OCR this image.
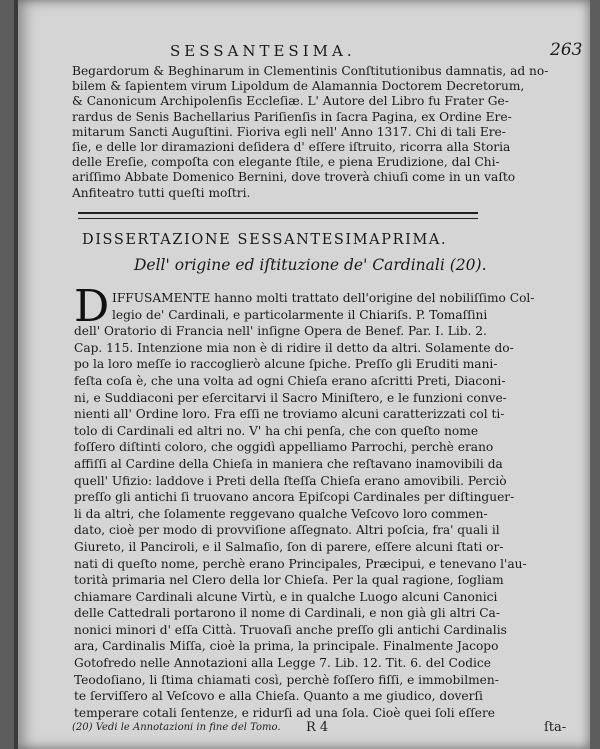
SESSANTESIMA.	263
Begardorum & Beghinarum in Clementinis Conſtitutionibus damnatis, ad no-
bilem & ſapientem virum Lipoldum de Alamannia Doctorem Decretorum,
& Canonicum Archipolenſis Eccleſiæ. L' Autore del Libro fu Frater Ge-
rardus de Senis Bachellarius Pariſienſis in ſacra Pagina, ex Ordine Ere-
mitarum Sancti Auguſtini. Fioriva egli nell' Anno 1317. Chi di tali Ere-
ſie, e delle lor diramazioni deſidera d' eſſere iſtruito, ricorra alla Storia
delle Ereſie, compoſta con elegante ſtile, e piena Erudizione, dal Chi-
ariſſimo Abbate Domenico Bernini, dove troverà chiuſi come in un vaſto
Anfiteatro tutti queſti moſtri.
DISSERTAZIONE SESSANTESIMAPRIMA.
Dell' origine ed iſtituzione de' Cardinali (20).
D IFFUSAMENTE hanno molti trattato dell'origine del nobiliſſimo Col-
legio de' Cardinali, e particolarmente il Chiariſs. P. Tomaſſini
dell' Oratorio di Francia nell' inſigne Opera de Benef. Par. I. Lib. 2.
Cap. 115. Intenzione mia non è di ridire il detto da altri. Solamente do-
po la loro meſſe io raccoglierò alcune ſpiche. Preſſo gli Eruditi mani-
feſta coſa è, che una volta ad ogni Chieſa erano aſcritti Preti, Diaconi-
ni, e Suddiaconi per eſercitarvi il Sacro Miniſtero, e le funzioni conve-
nienti all' Ordine loro. Fra eſſi ne troviamo alcuni caratterizzati col ti-
tolo di Cardinali ed altri no. V' ha chi penſa, che con queſto nome
foſſero diſtinti coloro, che oggidì appelliamo Parrochi, perchè erano
affiſſi al Cardine della Chieſa in maniera che reſtavano inamovibili da
quell' Ufizio: laddove i Preti della ſteſſa Chieſa erano amovibili. Perciò
preſſo gli antichi ſi truovano ancora Epiſcopi Cardinales per diſtinguer-
li da altri, che ſolamente reggevano qualche Veſcovo loro commen-
dato, cioè per modo di provviſione aſſegnato. Altri poſcia, fra' quali il
Giureto, il Panciroli, e il Salmaſio, ſon di parere, eſſere alcuni ſtati or-
nati di queſto nome, perchè erano Principales, Præcipui, e tenevano l'au-
torità primaria nel Clero della lor Chieſa. Per la qual ragione, ſogliam
chiamare Cardinali alcune Virtù, e in qualche Luogo alcuni Canonici
delle Cattedrali portarono il nome di Cardinali, e non già gli altri Ca-
nonici minori d' eſſa Città. Truovaſi anche preſſo gli antichi Cardinalis
ara, Cardinalis Miſſa, cioè la prima, la principale. Finalmente Jacopo
Gotofredo nelle Annotazioni alla Legge 7. Lib. 12. Tit. 6. del Codice
Teodoſiano, li ſtima chiamati così, perchè foſſero fiſſi, e immobilmen-
te ſerviſſero al Veſcovo e alla Chieſa. Quanto a me giudico, doverſi
temperare cotali ſentenze, e ridurſi ad una ſola. Cioè quei ſoli eſſere
(20) Vedi le Annotazioni in fine del Tomo. R 4	ſta-
